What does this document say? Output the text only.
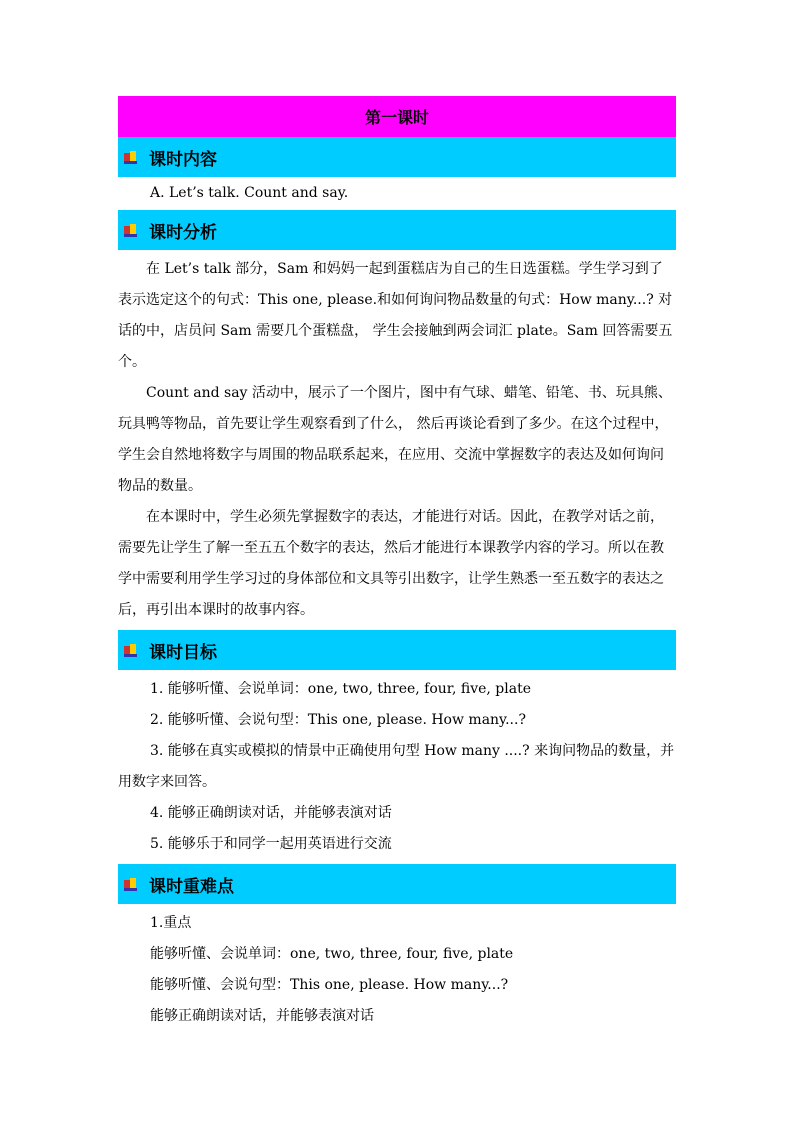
第一课时
课时内容

A. Let’s talk. Count and say.

课时分析

在 Let’s talk 部分，Sam 和妈妈一起到蛋糕店为自己的生日选蛋糕。学生学习到了表示选定这个的句式：This one, please.和如何询问物品数量的句式：How many...? 对话的中，店员问 Sam 需要几个蛋糕盘， 学生会接触到两会词汇 plate。Sam 回答需要五个。

Count and say 活动中，展示了一个图片，图中有气球、蜡笔、铅笔、书、玩具熊、玩具鸭等物品，首先要让学生观察看到了什么， 然后再谈论看到了多少。在这个过程中，学生会自然地将数字与周围的物品联系起来，在应用、交流中掌握数字的表达及如何询问物品的数量。

在本课时中，学生必须先掌握数字的表达，才能进行对话。因此，在教学对话之前，需要先让学生了解一至五五个数字的表达，然后才能进行本课教学内容的学习。所以在教学中需要利用学生学习过的身体部位和文具等引出数字，让学生熟悉一至五数字的表达之后，再引出本课时的故事内容。

课时目标

1. 能够听懂、会说单词：one, two, three, four, five, plate

2. 能够听懂、会说句型：This one, please. How many...?

3. 能够在真实或模拟的情景中正确使用句型 How many ....? 来询问物品的数量，并用数字来回答。

4. 能够正确朗读对话，并能够表演对话

5. 能够乐于和同学一起用英语进行交流

课时重难点

1.重点

能够听懂、会说单词：one, two, three, four, five, plate

能够听懂、会说句型：This one, please. How many...?

能够正确朗读对话，并能够表演对话
